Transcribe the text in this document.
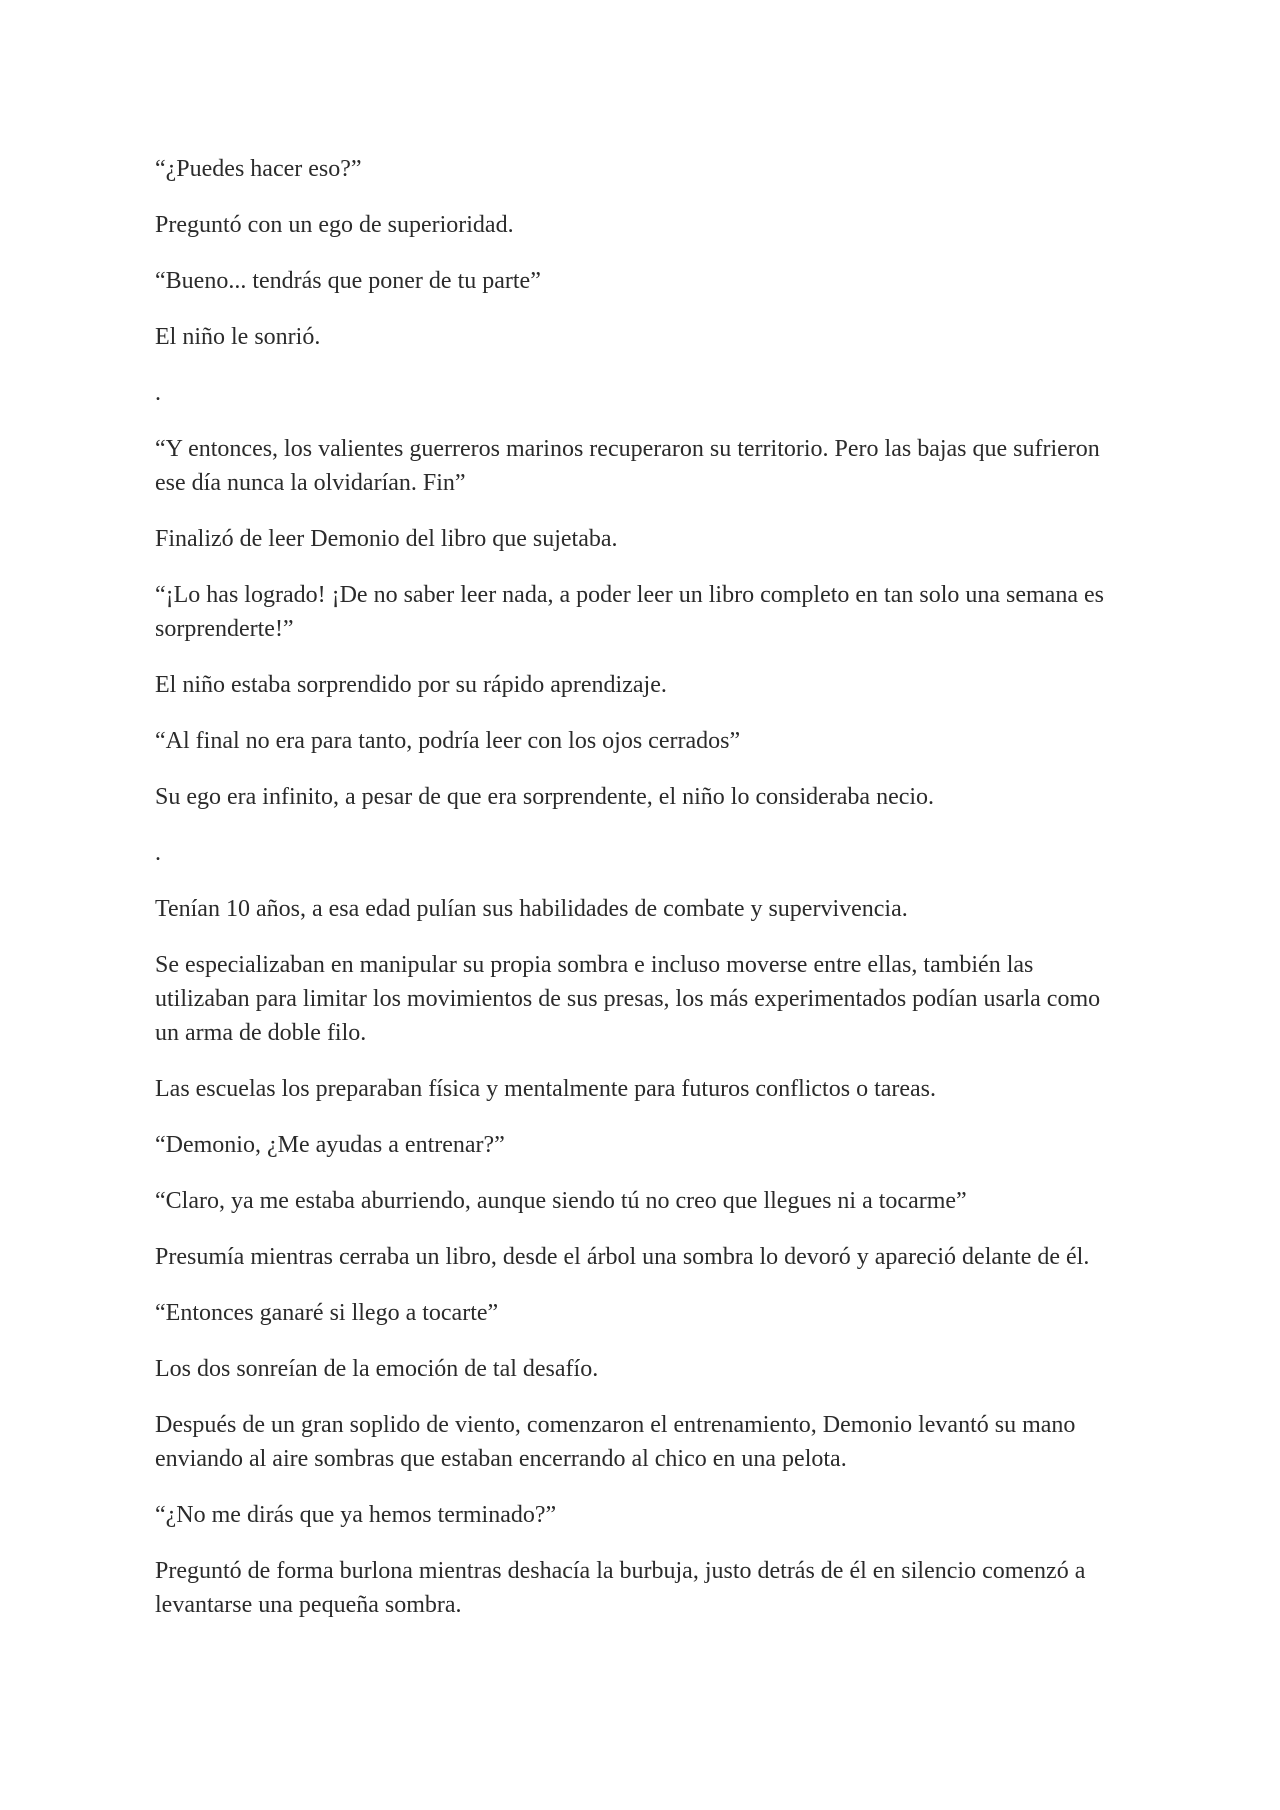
“¿Puedes hacer eso?”

Preguntó con un ego de superioridad.

“Bueno... tendrás que poner de tu parte”

El niño le sonrió.

.

“Y entonces, los valientes guerreros marinos recuperaron su territorio. Pero las bajas que sufrieron ese día nunca la olvidarían. Fin”

Finalizó de leer Demonio del libro que sujetaba.

“¡Lo has logrado! ¡De no saber leer nada, a poder leer un libro completo en tan solo una semana es sorprenderte!”

El niño estaba sorprendido por su rápido aprendizaje.

“Al final no era para tanto, podría leer con los ojos cerrados”

Su ego era infinito, a pesar de que era sorprendente, el niño lo consideraba necio.

.

Tenían 10 años, a esa edad pulían sus habilidades de combate y supervivencia.

Se especializaban en manipular su propia sombra e incluso moverse entre ellas, también las utilizaban para limitar los movimientos de sus presas, los más experimentados podían usarla como un arma de doble filo.

Las escuelas los preparaban física y mentalmente para futuros conflictos o tareas.

“Demonio, ¿Me ayudas a entrenar?”

“Claro, ya me estaba aburriendo, aunque siendo tú no creo que llegues ni a tocarme”

Presumía mientras cerraba un libro, desde el árbol una sombra lo devoró y apareció delante de él.

“Entonces ganaré si llego a tocarte”

Los dos sonreían de la emoción de tal desafío.

Después de un gran soplido de viento, comenzaron el entrenamiento, Demonio levantó su mano enviando al aire sombras que estaban encerrando al chico en una pelota.

“¿No me dirás que ya hemos terminado?”

Preguntó de forma burlona mientras deshacía la burbuja, justo detrás de él en silencio comenzó a levantarse una pequeña sombra.
